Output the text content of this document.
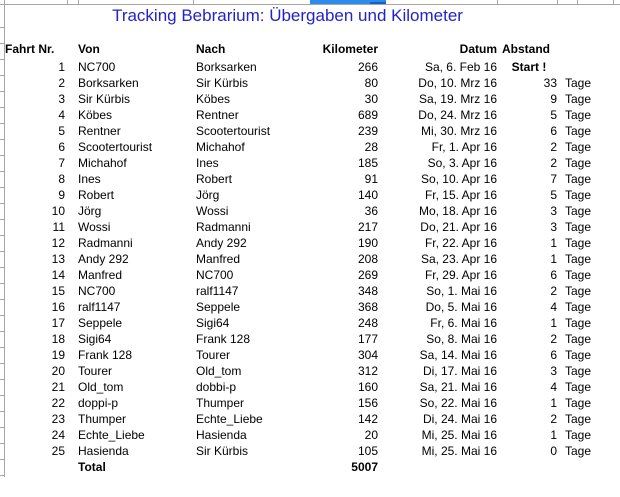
Tracking Bebrarium: Übergaben und Kilometer
Fahrt Nr.	Von	Nach	Kilometer	Datum Abstand
1 NC700	Borksarken	266	Sa, 6. Feb 16	Start !
2 Borksarken	Sir Kürbis	80	Do, 10. Mrz 16	33 Tage
3 Sir Kürbis	Köbes	30	Sa, 19. Mrz 16	9 Tage
4 Köbes	Rentner	689	Do, 24. Mrz 16	5 Tage
5 Rentner	Scootertourist	239	Mi, 30. Mrz 16	6 Tage
6 Scootertourist	Michahof	28	Fr, 1. Apr 16	2 Tage
7 Michahof	Ines	185	So, 3. Apr 16	2 Tage
8 Ines	Robert	91	So, 10. Apr 16	7 Tage
9 Robert	Jörg	140	Fr, 15. Apr 16	5 Tage
10 Jörg	Wossi	36	Mo, 18. Apr 16	3 Tage
11 Wossi	Radmanni	217	Do, 21. Apr 16	3 Tage
12 Radmanni	Andy 292	190	Fr, 22. Apr 16	1 Tage
13 Andy 292	Manfred	208	Sa, 23. Apr 16	1 Tage
14 Manfred	NC700	269	Fr, 29. Apr 16	6 Tage
15 NC700	ralf1147	348	So, 1. Mai 16	2 Tage
16 ralf1147	Seppele	368	Do, 5. Mai 16	4 Tage
17 Seppele	Sigi64	248	Fr, 6. Mai 16	1 Tage
18 Sigi64	Frank 128	177	So, 8. Mai 16	2 Tage
19 Frank 128	Tourer	304	Sa, 14. Mai 16	6 Tage
20 Tourer	Old_tom	312	Di, 17. Mai 16	3 Tage
21 Old_tom	dobbi-p	160	Sa, 21. Mai 16	4 Tage
22 doppi-p	Thumper	156	So, 22. Mai 16	1 Tage
23 Thumper	Echte_Liebe	142	Di, 24. Mai 16	2 Tage
24 Echte_Liebe	Hasienda	20	Mi, 25. Mai 16	1 Tage
25 Hasienda	Sir Kürbis	105	Mi, 25. Mai 16	0 Tage
Total	5007
